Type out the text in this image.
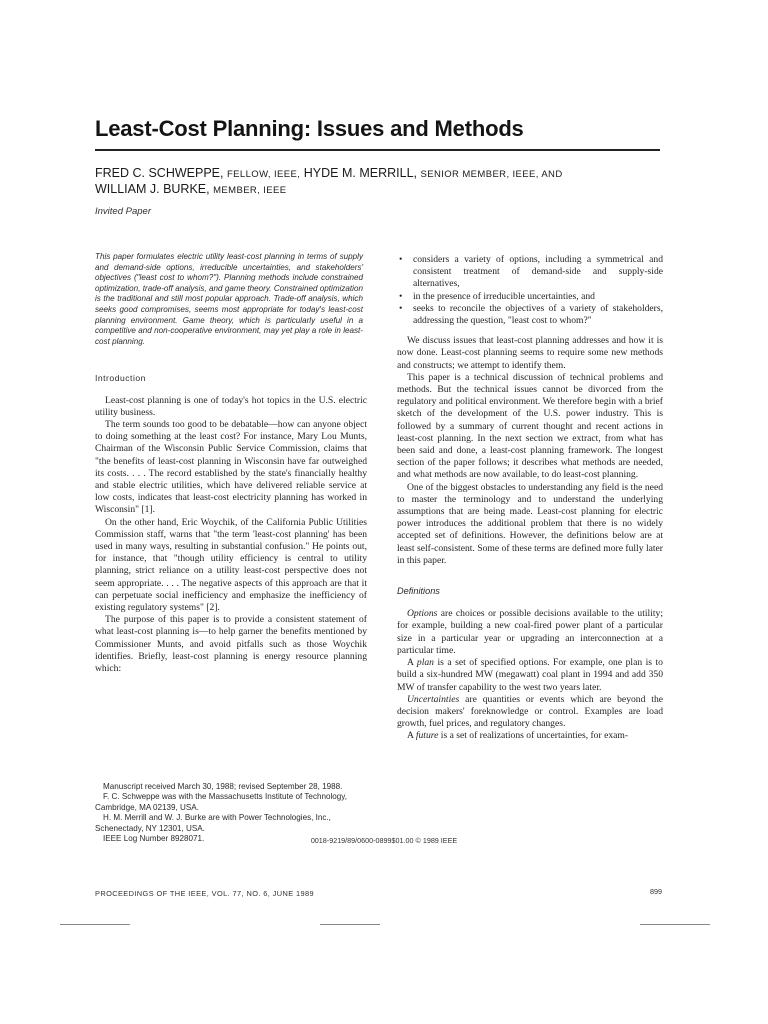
Least-Cost Planning: Issues and Methods
FRED C. SCHWEPPE, FELLOW, IEEE, HYDE M. MERRILL, SENIOR MEMBER, IEEE, AND
WILLIAM J. BURKE, MEMBER, IEEE
Invited Paper

This paper formulates electric utility least-cost planning in terms of supply and demand-side options, irreducible uncertainties, and stakeholders' objectives ("least cost to whom?"). Planning methods include constrained optimization, trade-off analysis, and game theory. Constrained optimization is the traditional and still most popular approach. Trade-off analysis, which seeks good compromises, seems most appropriate for today's least-cost planning environment. Game theory, which is particularly useful in a competitive and non-cooperative environment, may yet play a role in least-cost planning.

Introduction

Least-cost planning is one of today's hot topics in the U.S. electric utility business.

The term sounds too good to be debatable—how can anyone object to doing something at the least cost? For instance, Mary Lou Munts, Chairman of the Wisconsin Public Service Commission, claims that "the benefits of least-cost planning in Wisconsin have far outweighed its costs. . . . The record established by the state's financially healthy and stable electric utilities, which have delivered reliable service at low costs, indicates that least-cost electricity planning has worked in Wisconsin" [1].

On the other hand, Eric Woychik, of the California Public Utilities Commission staff, warns that "the term 'least-cost planning' has been used in many ways, resulting in substantial confusion." He points out, for instance, that "though utility efficiency is central to utility planning, strict reliance on a utility least-cost perspective does not seem appropriate. . . . The negative aspects of this approach are that it can perpetuate social inefficiency and emphasize the inefficiency of existing regulatory systems" [2].

The purpose of this paper is to provide a consistent statement of what least-cost planning is—to help garner the benefits mentioned by Commissioner Munts, and avoid pitfalls such as those Woychik identifies. Briefly, least-cost planning is energy resource planning which:

Manuscript received March 30, 1988; revised September 28, 1988.

F. C. Schweppe was with the Massachusetts Institute of Technology, Cambridge, MA 02139, USA.

H. M. Merrill and W. J. Burke are with Power Technologies, Inc., Schenectady, NY 12301, USA.

IEEE Log Number 8928071.

• considers a variety of options, including a symmetrical and consistent treatment of demand-side and supply-side alternatives,
• in the presence of irreducible uncertainties, and
• seeks to reconcile the objectives of a variety of stakeholders, addressing the question, "least cost to whom?"

We discuss issues that least-cost planning addresses and how it is now done. Least-cost planning seems to require some new methods and constructs; we attempt to identify them.

This paper is a technical discussion of technical problems and methods. But the technical issues cannot be divorced from the regulatory and political environment. We therefore begin with a brief sketch of the development of the U.S. power industry. This is followed by a summary of current thought and recent actions in least-cost planning. In the next section we extract, from what has been said and done, a least-cost planning framework. The longest section of the paper follows; it describes what methods are needed, and what methods are now available, to do least-cost planning.

One of the biggest obstacles to understanding any field is the need to master the terminology and to understand the underlying assumptions that are being made. Least-cost planning for electric power introduces the additional problem that there is no widely accepted set of definitions. However, the definitions below are at least self-consistent. Some of these terms are defined more fully later in this paper.

Definitions

Options are choices or possible decisions available to the utility; for example, building a new coal-fired power plant of a particular size in a particular year or upgrading an interconnection at a particular time.

A plan is a set of specified options. For example, one plan is to build a six-hundred MW (megawatt) coal plant in 1994 and add 350 MW of transfer capability to the west two years later.

Uncertainties are quantities or events which are beyond the decision makers' foreknowledge or control. Examples are load growth, fuel prices, and regulatory changes.

A future is a set of realizations of uncertainties, for exam-

0018-9219/89/0600-0899$01.00 © 1989 IEEE
PROCEEDINGS OF THE IEEE, VOL. 77, NO. 6, JUNE 1989	899
